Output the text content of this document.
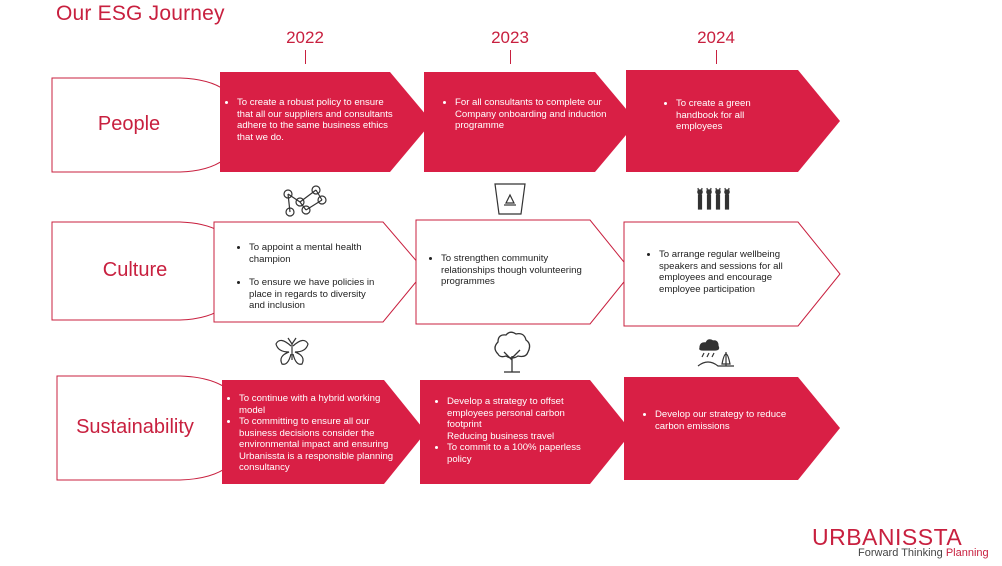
Our ESG Journey
2022	2023	2024
People
Culture
Sustainability
• To create a robust policy to ensure that all our suppliers and consultants adhere to the same business ethics that we do.
• For all consultants to complete our Company onboarding and induction programme
• To create a green handbook for all employees
• To appoint a mental health champion
• To ensure we have policies in place in regards to diversity and inclusion
• To strengthen community relationships though volunteering programmes
• To arrange regular wellbeing speakers and sessions for all employees and encourage employee participation
• To continue with a hybrid working model
• To committing to ensure all our business decisions consider the environmental impact and ensuring Urbanissta is a responsible planning consultancy
• Develop a strategy to offset employees personal carbon footprint
Reducing business travel
• To commit to a 100% paperless policy
• Develop our strategy to reduce carbon emissions
URBANISSTA
Forward Thinking Planning
